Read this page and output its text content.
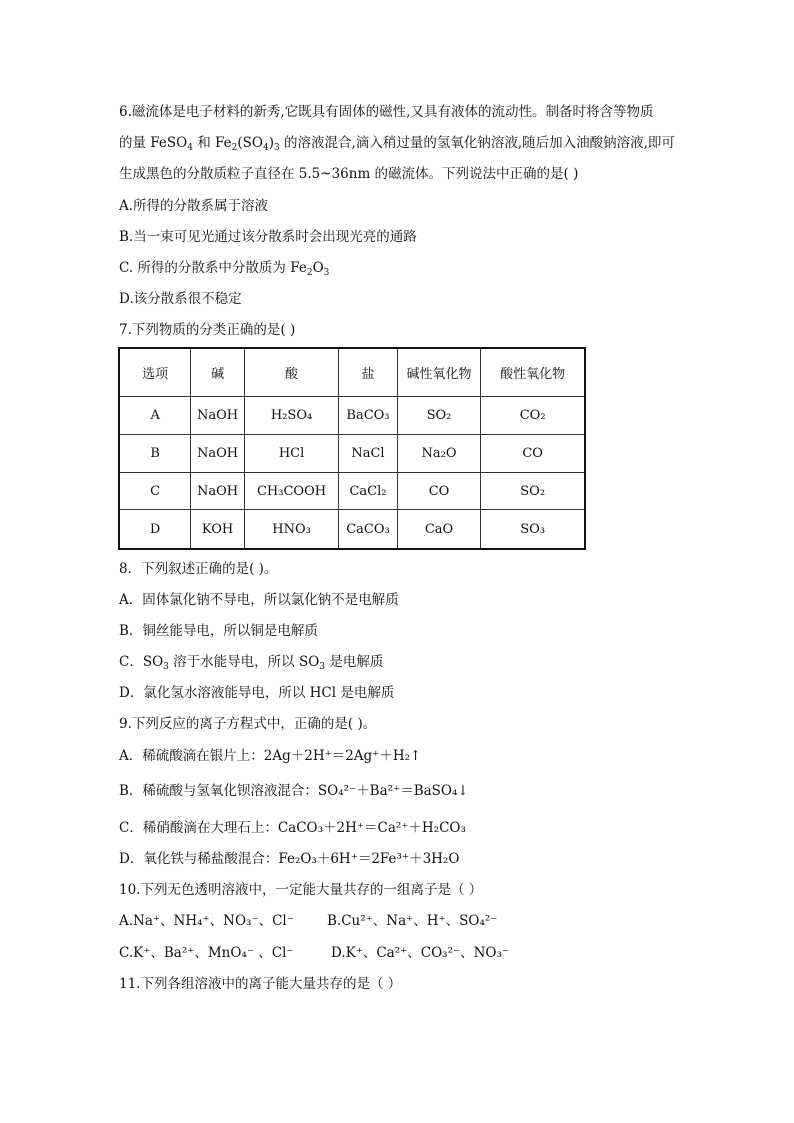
6.磁流体是电子材料的新秀,它既具有固体的磁性,又具有液体的流动性。制备时将含等物质
的量 FeSO$_4$ 和 $Fe_2(SO_4)_3$ 的溶液混合,滴入稍过量的氢氧化钠溶液,随后加入油酸钠溶液,即可
生成黑色的分散质粒子直径在 5.5~36nm 的磁流体。下列说法中正确的是( )
A.所得的分散系属于溶液
B.当一束可见光通过该分散系时会出现光亮的通路
C. 所得的分散系中分散质为 $Fe_2O_3$
D.该分散系很不稳定
7.下列物质的分类正确的是( )
选项	碱	酸	盐	碱性氧化物	酸性氧化物
A	NaOH	H₂SO₄	BaCO₃	SO₂	CO₂
B	NaOH	HCl	NaCl	Na₂O	CO
C	NaOH	CH₃COOH	CaCl₂	CO	SO₂
D	KOH	HNO₃	CaCO₃	CaO	SO₃
8．下列叙述正确的是( )。
A．固体氯化钠不导电，所以氯化钠不是电解质
B．铜丝能导电，所以铜是电解质
C．$SO_3$ 溶于水能导电，所以 $SO_3$ 是电解质
D．氯化氢水溶液能导电，所以 HCl 是电解质
9.下列反应的离子方程式中，正确的是( )。
A．稀硫酸滴在银片上：2Ag＋2H⁺＝2Ag⁺＋H₂↑
B．稀硫酸与氢氧化钡溶液混合：SO₄²⁻＋Ba²⁺＝BaSO₄↓
C．稀硝酸滴在大理石上：CaCO₃＋2H⁺＝Ca²⁺＋H₂CO₃
D．氧化铁与稀盐酸混合：Fe₂O₃＋6H⁺＝2Fe³⁺＋3H₂O
10.下列无色透明溶液中，一定能大量共存的一组离子是（ ）
A.Na⁺、NH₄⁺、NO₃⁻、Cl⁻ B.Cu²⁺、Na⁺、H⁺、SO₄²⁻
C.K⁺、Ba²⁺、MnO₄⁻ 、Cl⁻	D.K⁺、Ca²⁺、CO₃²⁻、NO₃⁻
11.下列各组溶液中的离子能大量共存的是（ ）
